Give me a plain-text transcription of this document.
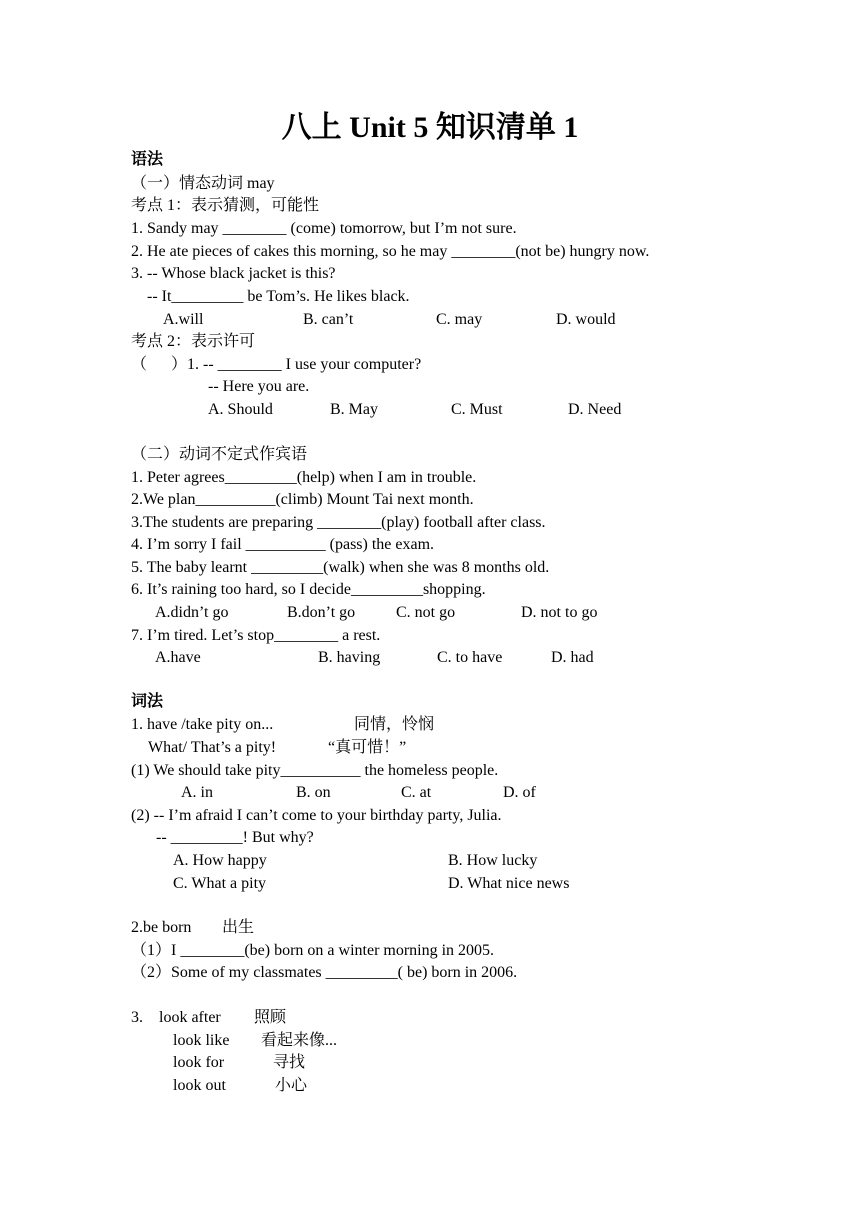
八上 Unit 5 知识清单 1
语法
（一）情态动词 may
考点 1：表示猜测，可能性
1. Sandy may ________ (come) tomorrow, but I’m not sure.
2. He ate pieces of cakes this morning, so he may ________(not be) hungry now.
3. -- Whose black jacket is this?
-- It_________ be Tom’s. He likes black.
A.will	B. can’t	C. may	D. would
考点 2：表示许可
（      ）1. -- ________ I use your computer?
-- Here you are.
A. Should	B. May	C. Must	D. Need
（二）动词不定式作宾语
1. Peter agrees_________(help) when I am in trouble.
2.We plan__________(climb) Mount Tai next month.
3.The students are preparing ________(play) football after class.
4. I’m sorry I fail __________ (pass) the exam.
5. The baby learnt _________(walk) when she was 8 months old.
6. It’s raining too hard, so I decide_________shopping.
A.didn’t go	B.don’t go	C. not go	D. not to go
7. I’m tired. Let’s stop________ a rest.
A.have	B. having	C. to have	D. had
词法
1. have /take pity on...	同情，怜悯
What/ That’s a pity!	“真可惜！”
(1) We should take pity__________ the homeless people.
A. in	B. on	C. at	D. of
(2) -- I’m afraid I can’t come to your birthday party, Julia.
-- _________! But why?
A. How happy	B. How lucky
C. What a pity	D. What nice news
2.be born 出生
（1）I ________(be) born on a winter morning in 2005.
（2）Some of my classmates _________( be) born in 2006.
3.    look after 照顾
look like 看起来像...
look for	寻找
look out	小心
